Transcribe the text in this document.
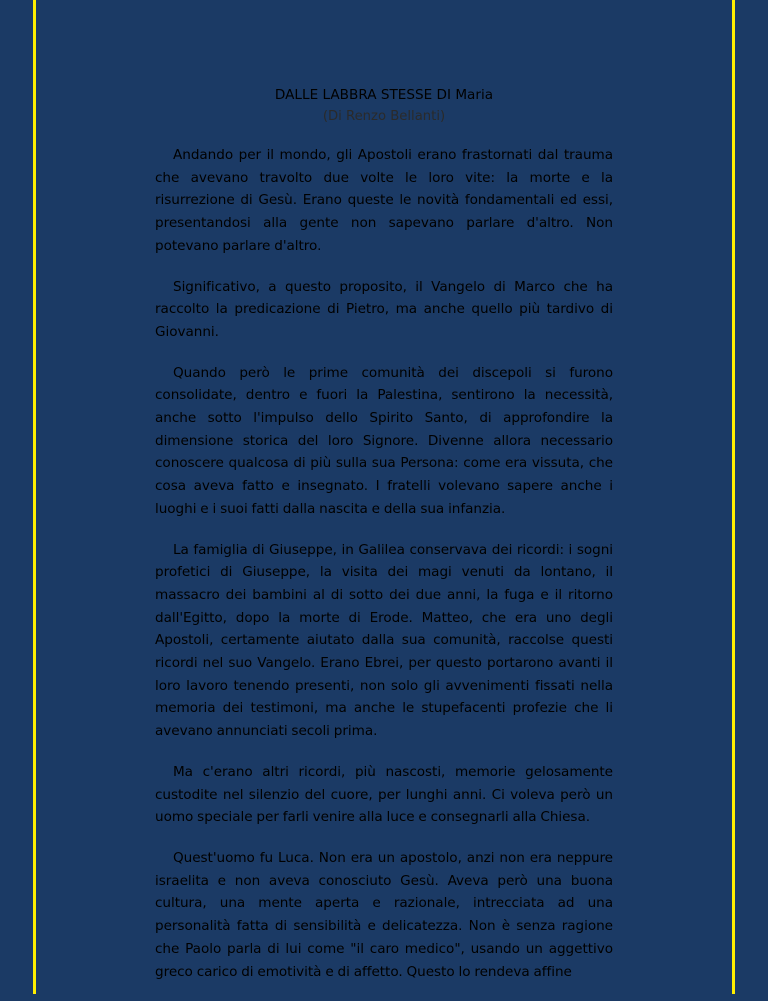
DALLE LABBRA STESSE DI Maria
(Di Renzo Bellanti)

Andando per il mondo, gli Apostoli erano frastornati dal trauma che avevano travolto due volte le loro vite: la morte e la risurrezione di Gesù. Erano queste le novità fondamentali ed essi, presentandosi alla gente non sapevano parlare d'altro. Non potevano parlare d'altro.

Significativo, a questo proposito, il Vangelo di Marco che ha raccolto la predicazione di Pietro, ma anche quello più tardivo di Giovanni.

Quando però le prime comunità dei discepoli si furono consolidate, dentro e fuori la Palestina, sentirono la necessità, anche sotto l'impulso dello Spirito Santo, di approfondire la dimensione storica del loro Signore. Divenne allora necessario conoscere qualcosa di più sulla sua Persona: come era vissuta, che cosa aveva fatto e insegnato. I fratelli volevano sapere anche i luoghi e i suoi fatti dalla nascita e della sua infanzia.

La famiglia di Giuseppe, in Galilea conservava dei ricordi: i sogni profetici di Giuseppe, la visita dei magi venuti da lontano, il massacro dei bambini al di sotto dei due anni, la fuga e il ritorno dall'Egitto, dopo la morte di Erode. Matteo, che era uno degli Apostoli, certamente aiutato dalla sua comunità, raccolse questi ricordi nel suo Vangelo. Erano Ebrei, per questo portarono avanti il loro lavoro tenendo presenti, non solo gli avvenimenti fissati nella memoria dei testimoni, ma anche le stupefacenti profezie che li avevano annunciati secoli prima.

Ma c'erano altri ricordi, più nascosti, memorie gelosamente custodite nel silenzio del cuore, per lunghi anni. Ci voleva però un uomo speciale per farli venire alla luce e consegnarli alla Chiesa.

Quest'uomo fu Luca. Non era un apostolo, anzi non era neppure israelita e non aveva conosciuto Gesù. Aveva però una buona cultura, una mente aperta e razionale, intrecciata ad una personalità fatta di sensibilità e delicatezza. Non è senza ragione che Paolo parla di lui come "il caro medico", usando un aggettivo greco carico di emotività e di affetto. Questo lo rendeva affine
